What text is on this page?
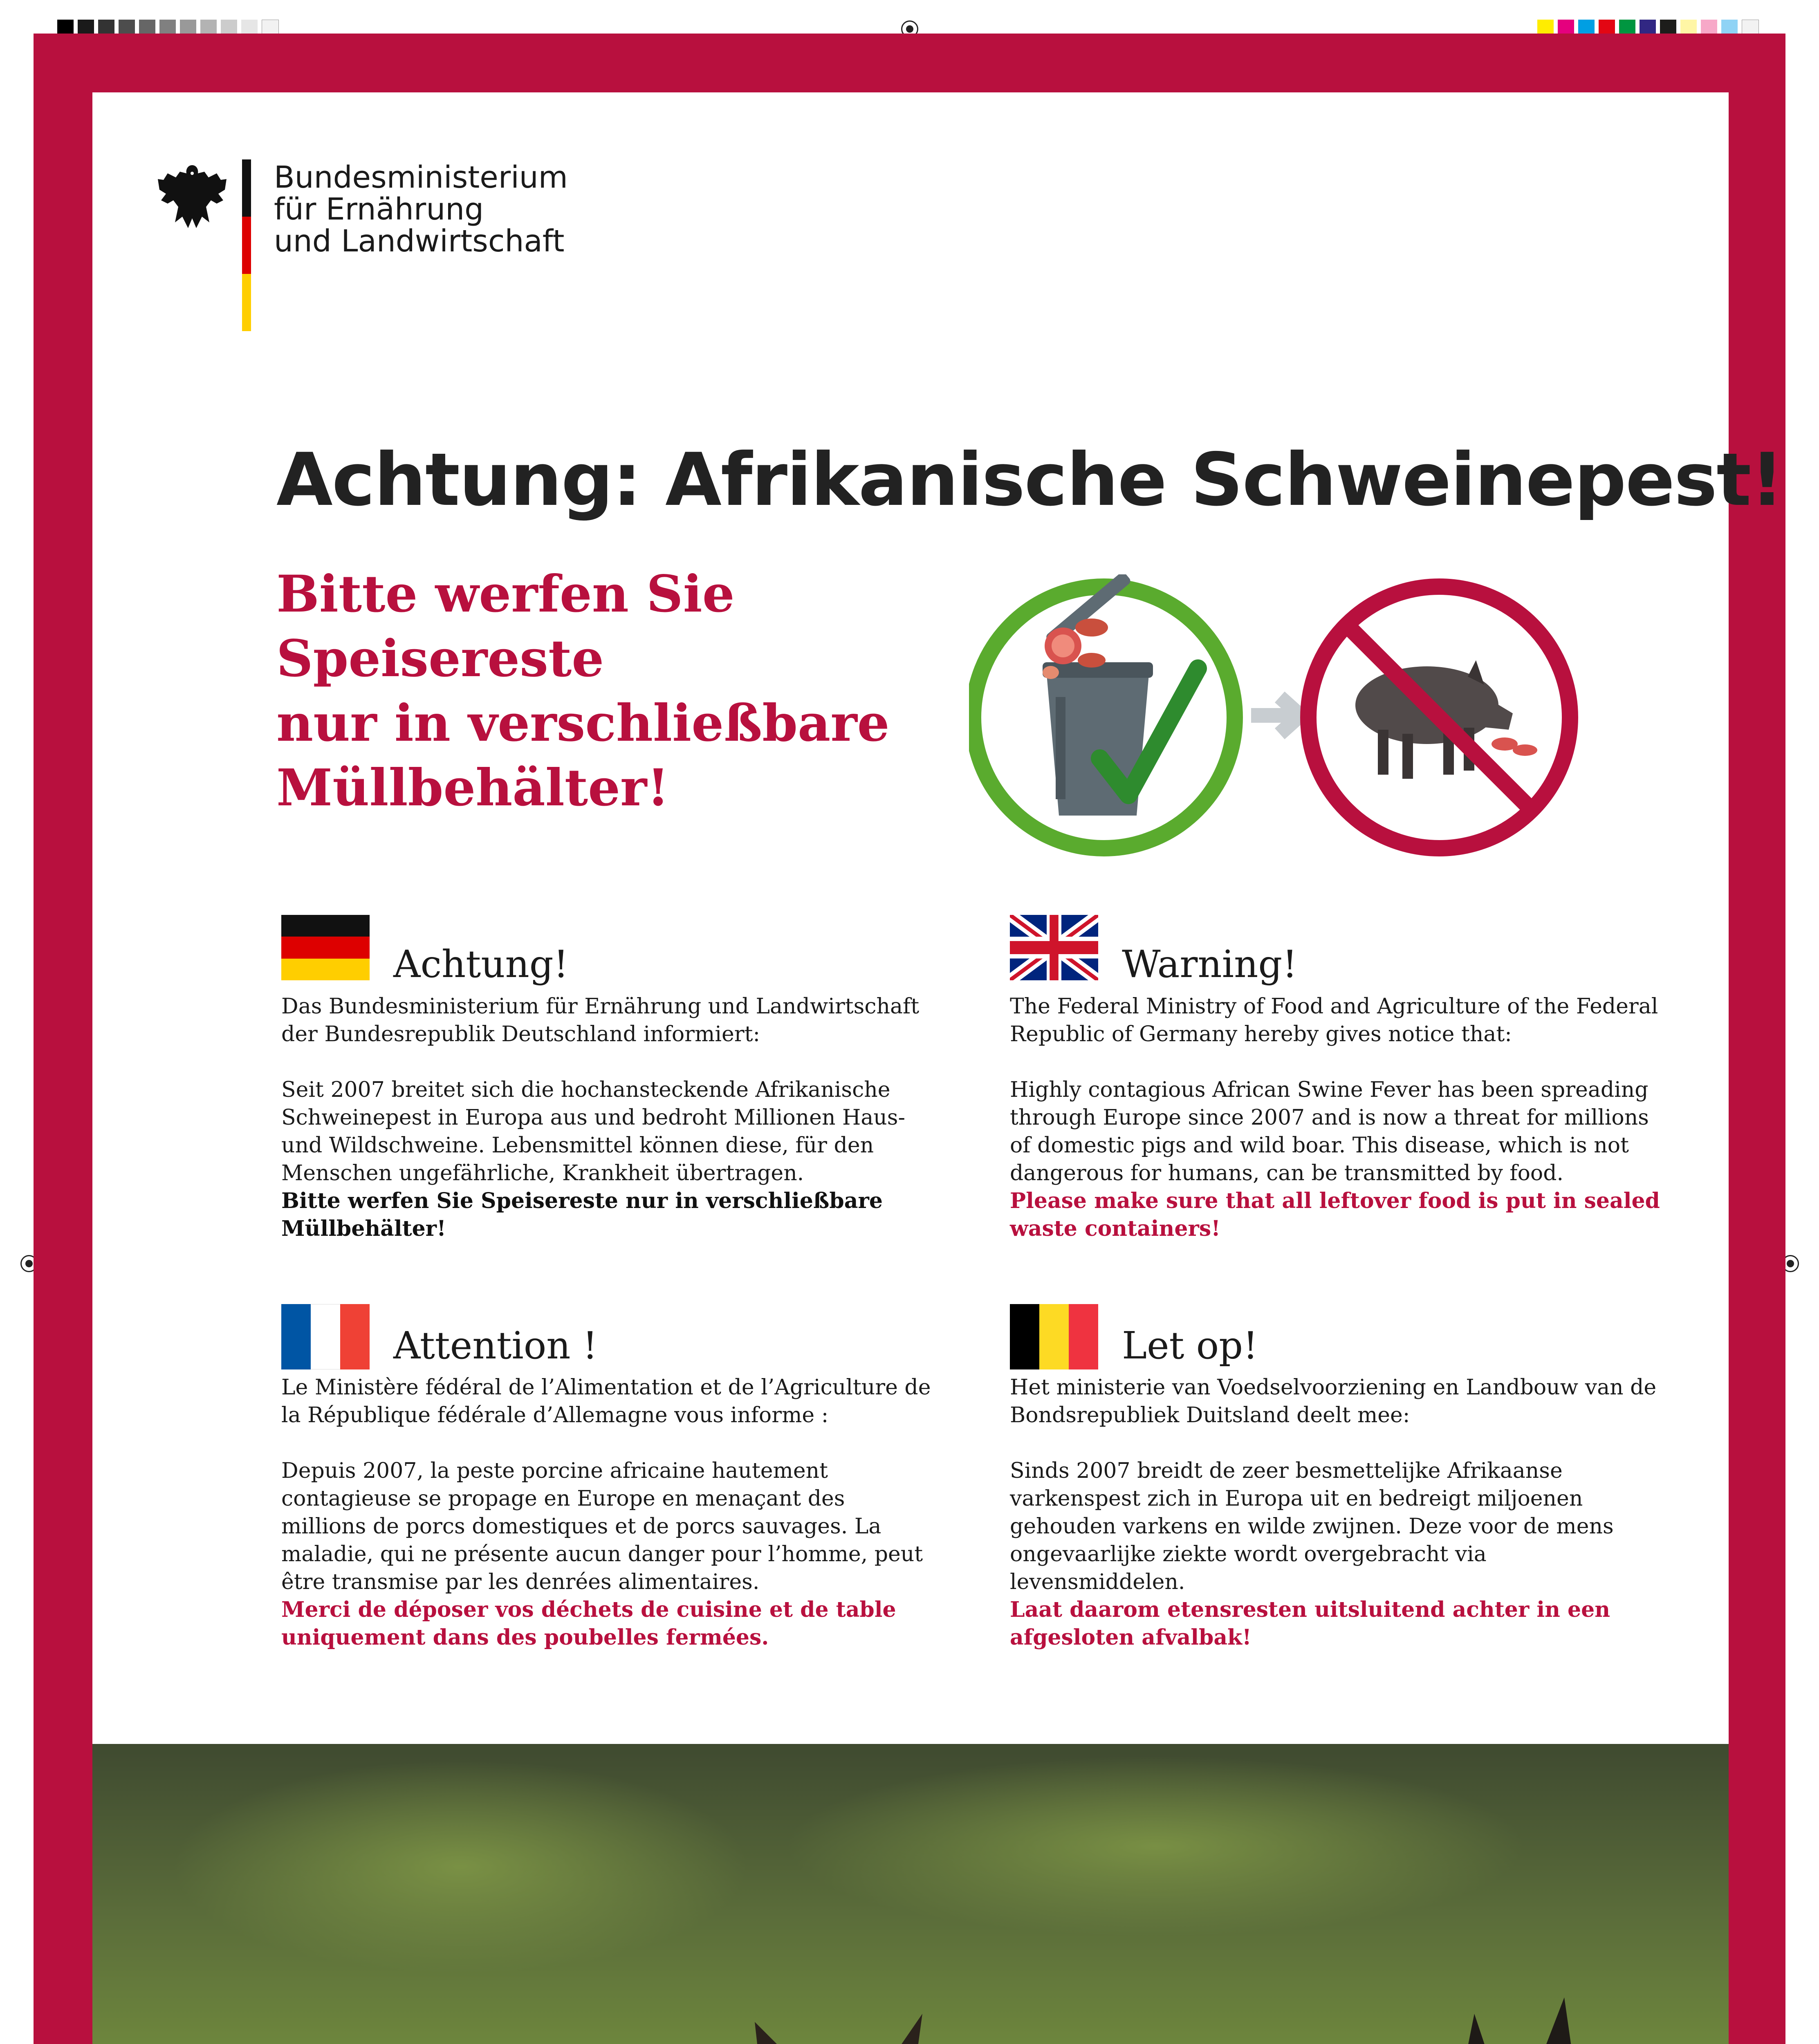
Bundesministerium
für Ernährung
und Landwirtschaft
Achtung: Afrikanische Schweinepest!
Bitte werfen Sie
Speisereste
nur in verschließbare
Müllbehälter!
Achtung!

Das Bundesministerium für Ernährung und Landwirtschaft der Bundesrepublik Deutschland informiert:

Seit 2007 breitet sich die hochansteckende Afrikanische Schweinepest in Europa aus und bedroht Millionen Haus- und Wildschweine. Lebensmittel können diese, für den Menschen ungefährliche, Krankheit übertragen.
Bitte werfen Sie Speisereste nur in verschließbare Müllbehälter!
Warning!

The Federal Ministry of Food and Agriculture of the Federal Republic of Germany hereby gives notice that:

Highly contagious African Swine Fever has been spreading through Europe since 2007 and is now a threat for millions of domestic pigs and wild boar. This disease, which is not dangerous for humans, can be transmitted by food.
Please make sure that all leftover food is put in sealed waste containers!
Attention !

Le Ministère fédéral de l’Alimentation et de l’Agriculture de la République fédérale d’Allemagne vous informe :

Depuis 2007, la peste porcine africaine hautement contagieuse se propage en Europe en menaçant des millions de porcs domestiques et de porcs sauvages. La maladie, qui ne présente aucun danger pour l’homme, peut être transmise par les denrées alimentaires.
Merci de déposer vos déchets de cuisine et de table uniquement dans des poubelles fermées.
Let op!

Het ministerie van Voedselvoorziening en Landbouw van de Bondsrepubliek Duitsland deelt mee:

Sinds 2007 breidt de zeer besmettelijke Afrikaanse varkenspest zich in Europa uit en bedreigt miljoenen gehouden varkens en wilde zwijnen. Deze voor de mens ongevaarlijke ziekte wordt overgebracht via levensmiddelen.
Laat daarom etensresten uitsluitend achter in een afgesloten afvalbak!
